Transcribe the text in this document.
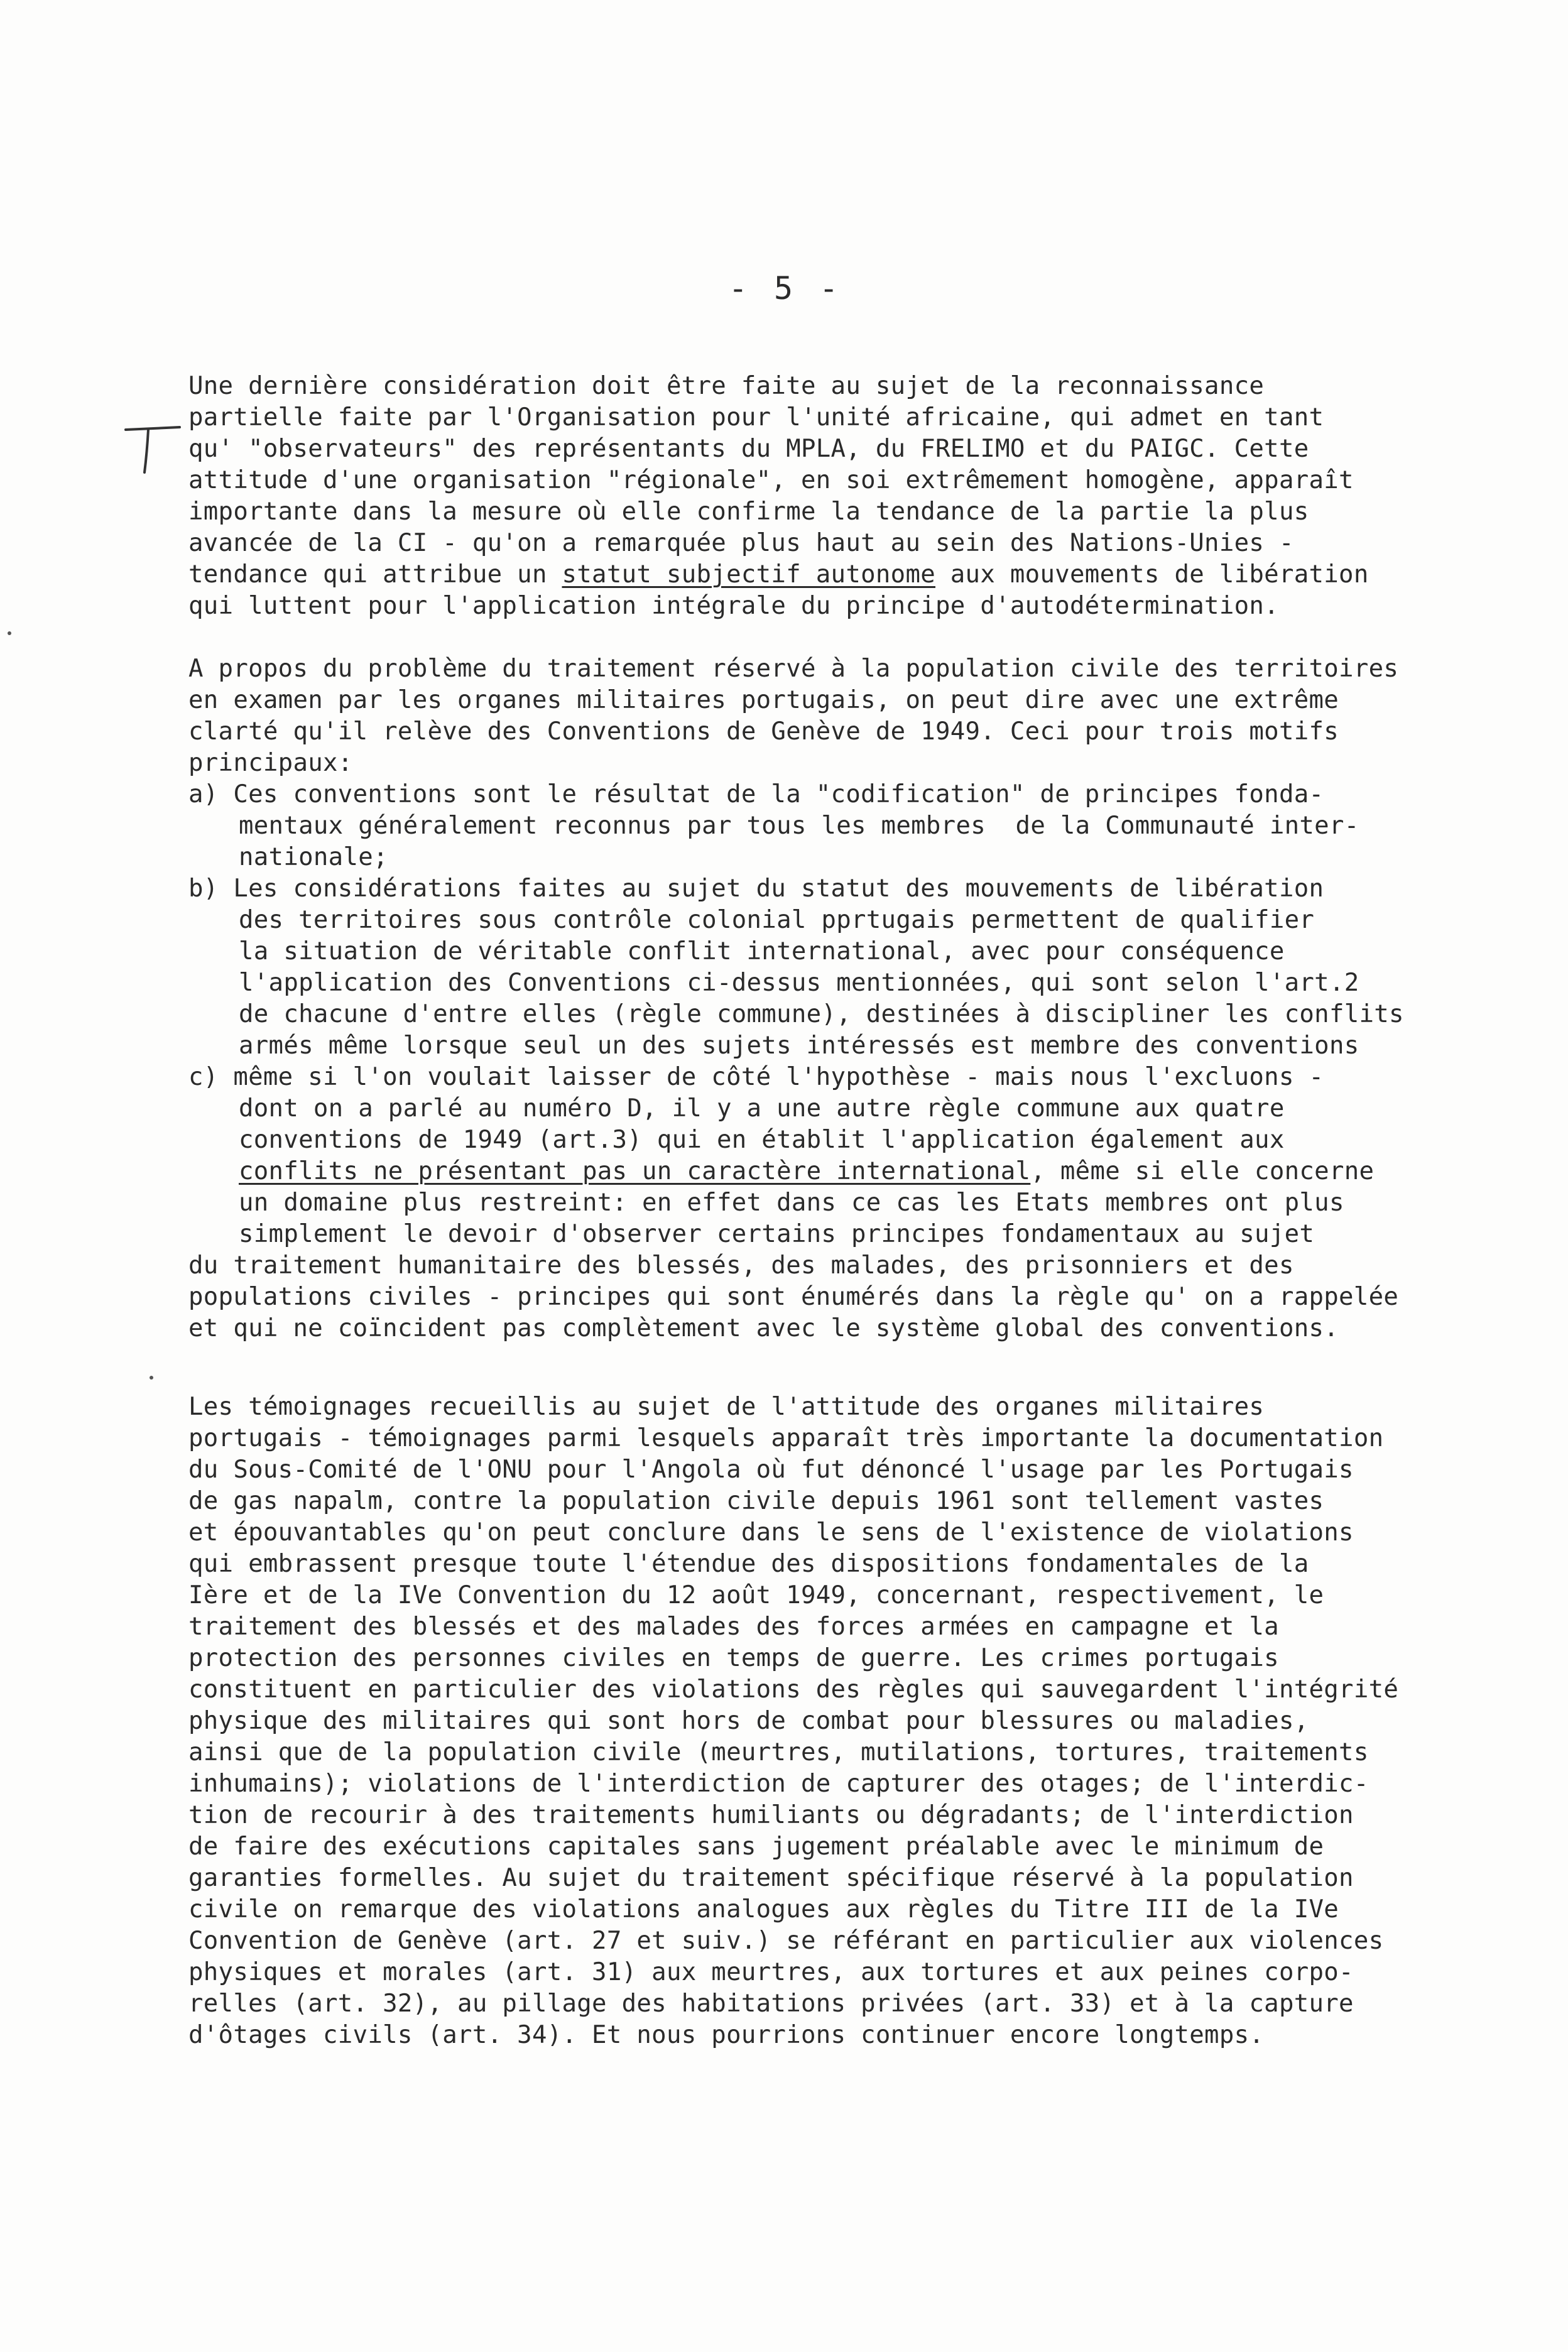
- 5 -
Une dernière considération doit être faite au sujet de la reconnaissance
partielle faite par l'Organisation pour l'unité africaine, qui admet en tant
qu' "observateurs" des représentants du MPLA, du FRELIMO et du PAIGC. Cette
attitude d'une organisation "régionale", en soi extrêmement homogène, apparaît
importante dans la mesure où elle confirme la tendance de la partie la plus
avancée de la CI - qu'on a remarquée plus haut au sein des Nations-Unies -
tendance qui attribue un statut subjectif autonome aux mouvements de libération
qui luttent pour l'application intégrale du principe d'autodétermination.
A propos du problème du traitement réservé à la population civile des territoires
en examen par les organes militaires portugais, on peut dire avec une extrême
clarté qu'il relève des Conventions de Genève de 1949. Ceci pour trois motifs
principaux:
a) Ces conventions sont le résultat de la "codification" de principes fonda-
mentaux généralement reconnus par tous les membres  de la Communauté inter-
nationale;
b) Les considérations faites au sujet du statut des mouvements de libération
des territoires sous contrôle colonial pprtugais permettent de qualifier
la situation de véritable conflit international, avec pour conséquence
l'application des Conventions ci-dessus mentionnées, qui sont selon l'art.2
de chacune d'entre elles (règle commune), destinées à discipliner les conflits
armés même lorsque seul un des sujets intéressés est membre des conventions
c) même si l'on voulait laisser de côté l'hypothèse - mais nous l'excluons -
dont on a parlé au numéro D, il y a une autre règle commune aux quatre
conventions de 1949 (art.3) qui en établit l'application également aux
conflits ne présentant pas un caractère international, même si elle concerne
un domaine plus restreint: en effet dans ce cas les Etats membres ont plus
simplement le devoir d'observer certains principes fondamentaux au sujet
du traitement humanitaire des blessés, des malades, des prisonniers et des
populations civiles - principes qui sont énumérés dans la règle qu' on a rappelée
et qui ne coïncident pas complètement avec le système global des conventions.
Les témoignages recueillis au sujet de l'attitude des organes militaires
portugais - témoignages parmi lesquels apparaît très importante la documentation
du Sous-Comité de l'ONU pour l'Angola où fut dénoncé l'usage par les Portugais
de gas napalm, contre la population civile depuis 1961 sont tellement vastes
et épouvantables qu'on peut conclure dans le sens de l'existence de violations
qui embrassent presque toute l'étendue des dispositions fondamentales de la
Ière et de la IVe Convention du 12 août 1949, concernant, respectivement, le
traitement des blessés et des malades des forces armées en campagne et la
protection des personnes civiles en temps de guerre. Les crimes portugais
constituent en particulier des violations des règles qui sauvegardent l'intégrité
physique des militaires qui sont hors de combat pour blessures ou maladies,
ainsi que de la population civile (meurtres, mutilations, tortures, traitements
inhumains); violations de l'interdiction de capturer des otages; de l'interdic-
tion de recourir à des traitements humiliants ou dégradants; de l'interdiction
de faire des exécutions capitales sans jugement préalable avec le minimum de
garanties formelles. Au sujet du traitement spécifique réservé à la population
civile on remarque des violations analogues aux règles du Titre III de la IVe
Convention de Genève (art. 27 et suiv.) se référant en particulier aux violences
physiques et morales (art. 31) aux meurtres, aux tortures et aux peines corpo-
relles (art. 32), au pillage des habitations privées (art. 33) et à la capture
d'ôtages civils (art. 34). Et nous pourrions continuer encore longtemps.
